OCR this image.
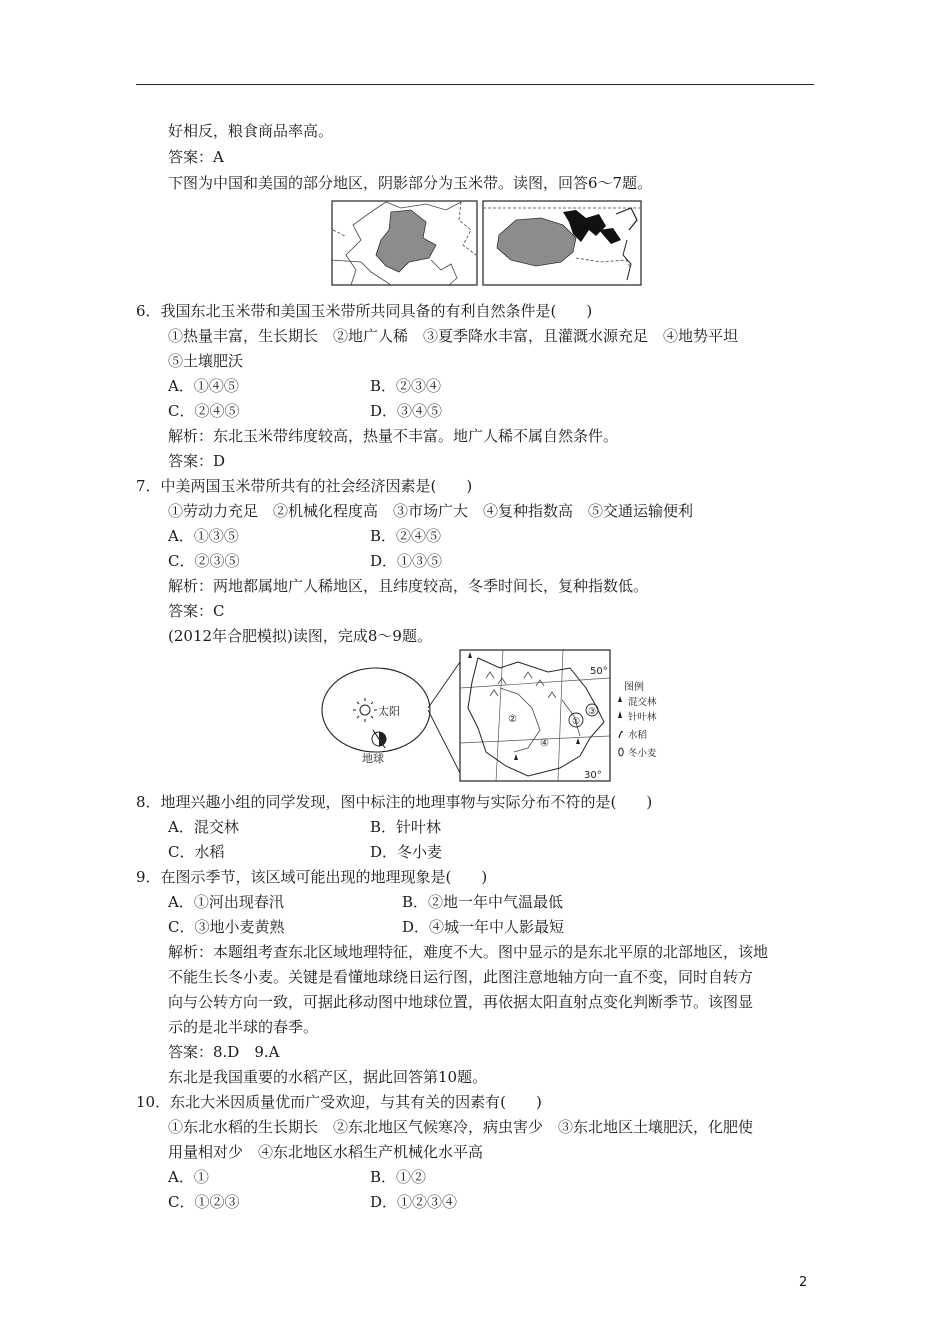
好相反，粮食商品率高。
答案：A
下图为中国和美国的部分地区，阴影部分为玉米带。读图，回答6～7题。
6．我国东北玉米带和美国玉米带所共同具备的有利自然条件是(　　)
①热量丰富，生长期长　②地广人稀　③夏季降水丰富，且灌溉水源充足　④地势平坦
⑤土壤肥沃
A．①④⑤	B．②③④
C．②④⑤	D．③④⑤
解析：东北玉米带纬度较高，热量不丰富。地广人稀不属自然条件。
答案：D
7．中美两国玉米带所共有的社会经济因素是(　　)
①劳动力充足　②机械化程度高　③市场广大　④复种指数高　⑤交通运输便利
A．①③⑤	B．②④⑤
C．②③⑤	D．①③⑤
解析：两地都属地广人稀地区，且纬度较高，冬季时间长，复种指数低。
答案：C
(2012年合肥模拟)读图，完成8～9题。
太阳
地球
50°
30°
①
③
④
②
图例
混交林
针叶林
水稻
冬小麦
8．地理兴趣小组的同学发现，图中标注的地理事物与实际分布不符的是(　　)
A．混交林	B．针叶林
C．水稻	D．冬小麦
9．在图示季节，该区域可能出现的地理现象是(　　)
A．①河出现春汛	B．②地一年中气温最低
C．③地小麦黄熟	D．④城一年中人影最短
解析：本题组考查东北区域地理特征，难度不大。图中显示的是东北平原的北部地区，该地
不能生长冬小麦。关键是看懂地球绕日运行图，此图注意地轴方向一直不变，同时自转方
向与公转方向一致，可据此移动图中地球位置，再依据太阳直射点变化判断季节。该图显
示的是北半球的春季。
答案：8.D　9.A
东北是我国重要的水稻产区，据此回答第10题。
10．东北大米因质量优而广受欢迎，与其有关的因素有(　　)
①东北水稻的生长期长　②东北地区气候寒冷，病虫害少　③东北地区土壤肥沃，化肥使
用量相对少　④东北地区水稻生产机械化水平高
A．①	B．①②
C．①②③	D．①②③④
2
